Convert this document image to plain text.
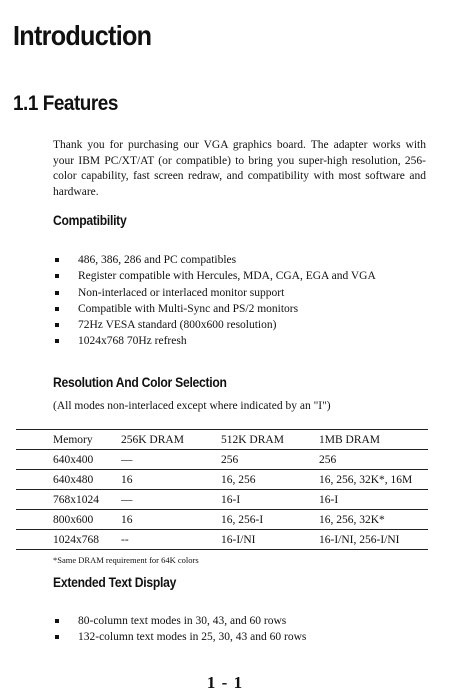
Introduction
1.1 Features

Thank you for purchasing our VGA graphics board. The adapter works with your IBM PC/XT/AT (or compatible) to bring you super-high resolution, 256-color capability, fast screen redraw, and compatibility with most software and hardware.

Compatibility
486, 386, 286 and PC compatibles
Register compatible with Hercules, MDA, CGA, EGA and VGA
Non-interlaced or interlaced monitor support
Compatible with Multi-Sync and PS/2 monitors
72Hz VESA standard (800x600 resolution)
1024x768 70Hz refresh
Resolution And Color Selection

(All modes non-interlaced except where indicated by an "I")

Memory	256K DRAM	512K DRAM	1MB DRAM
640x400	—	256	256
640x480	16	16, 256	16, 256, 32K*, 16M
768x1024	—	16-I	16-I
800x600	16	16, 256-I	16, 256, 32K*
1024x768	--	16-I/NI	16-I/NI, 256-I/NI

*Same DRAM requirement for 64K colors

Extended Text Display
80-column text modes in 30, 43, and 60 rows
132-column text modes in 25, 30, 43 and 60 rows

1 - 1
